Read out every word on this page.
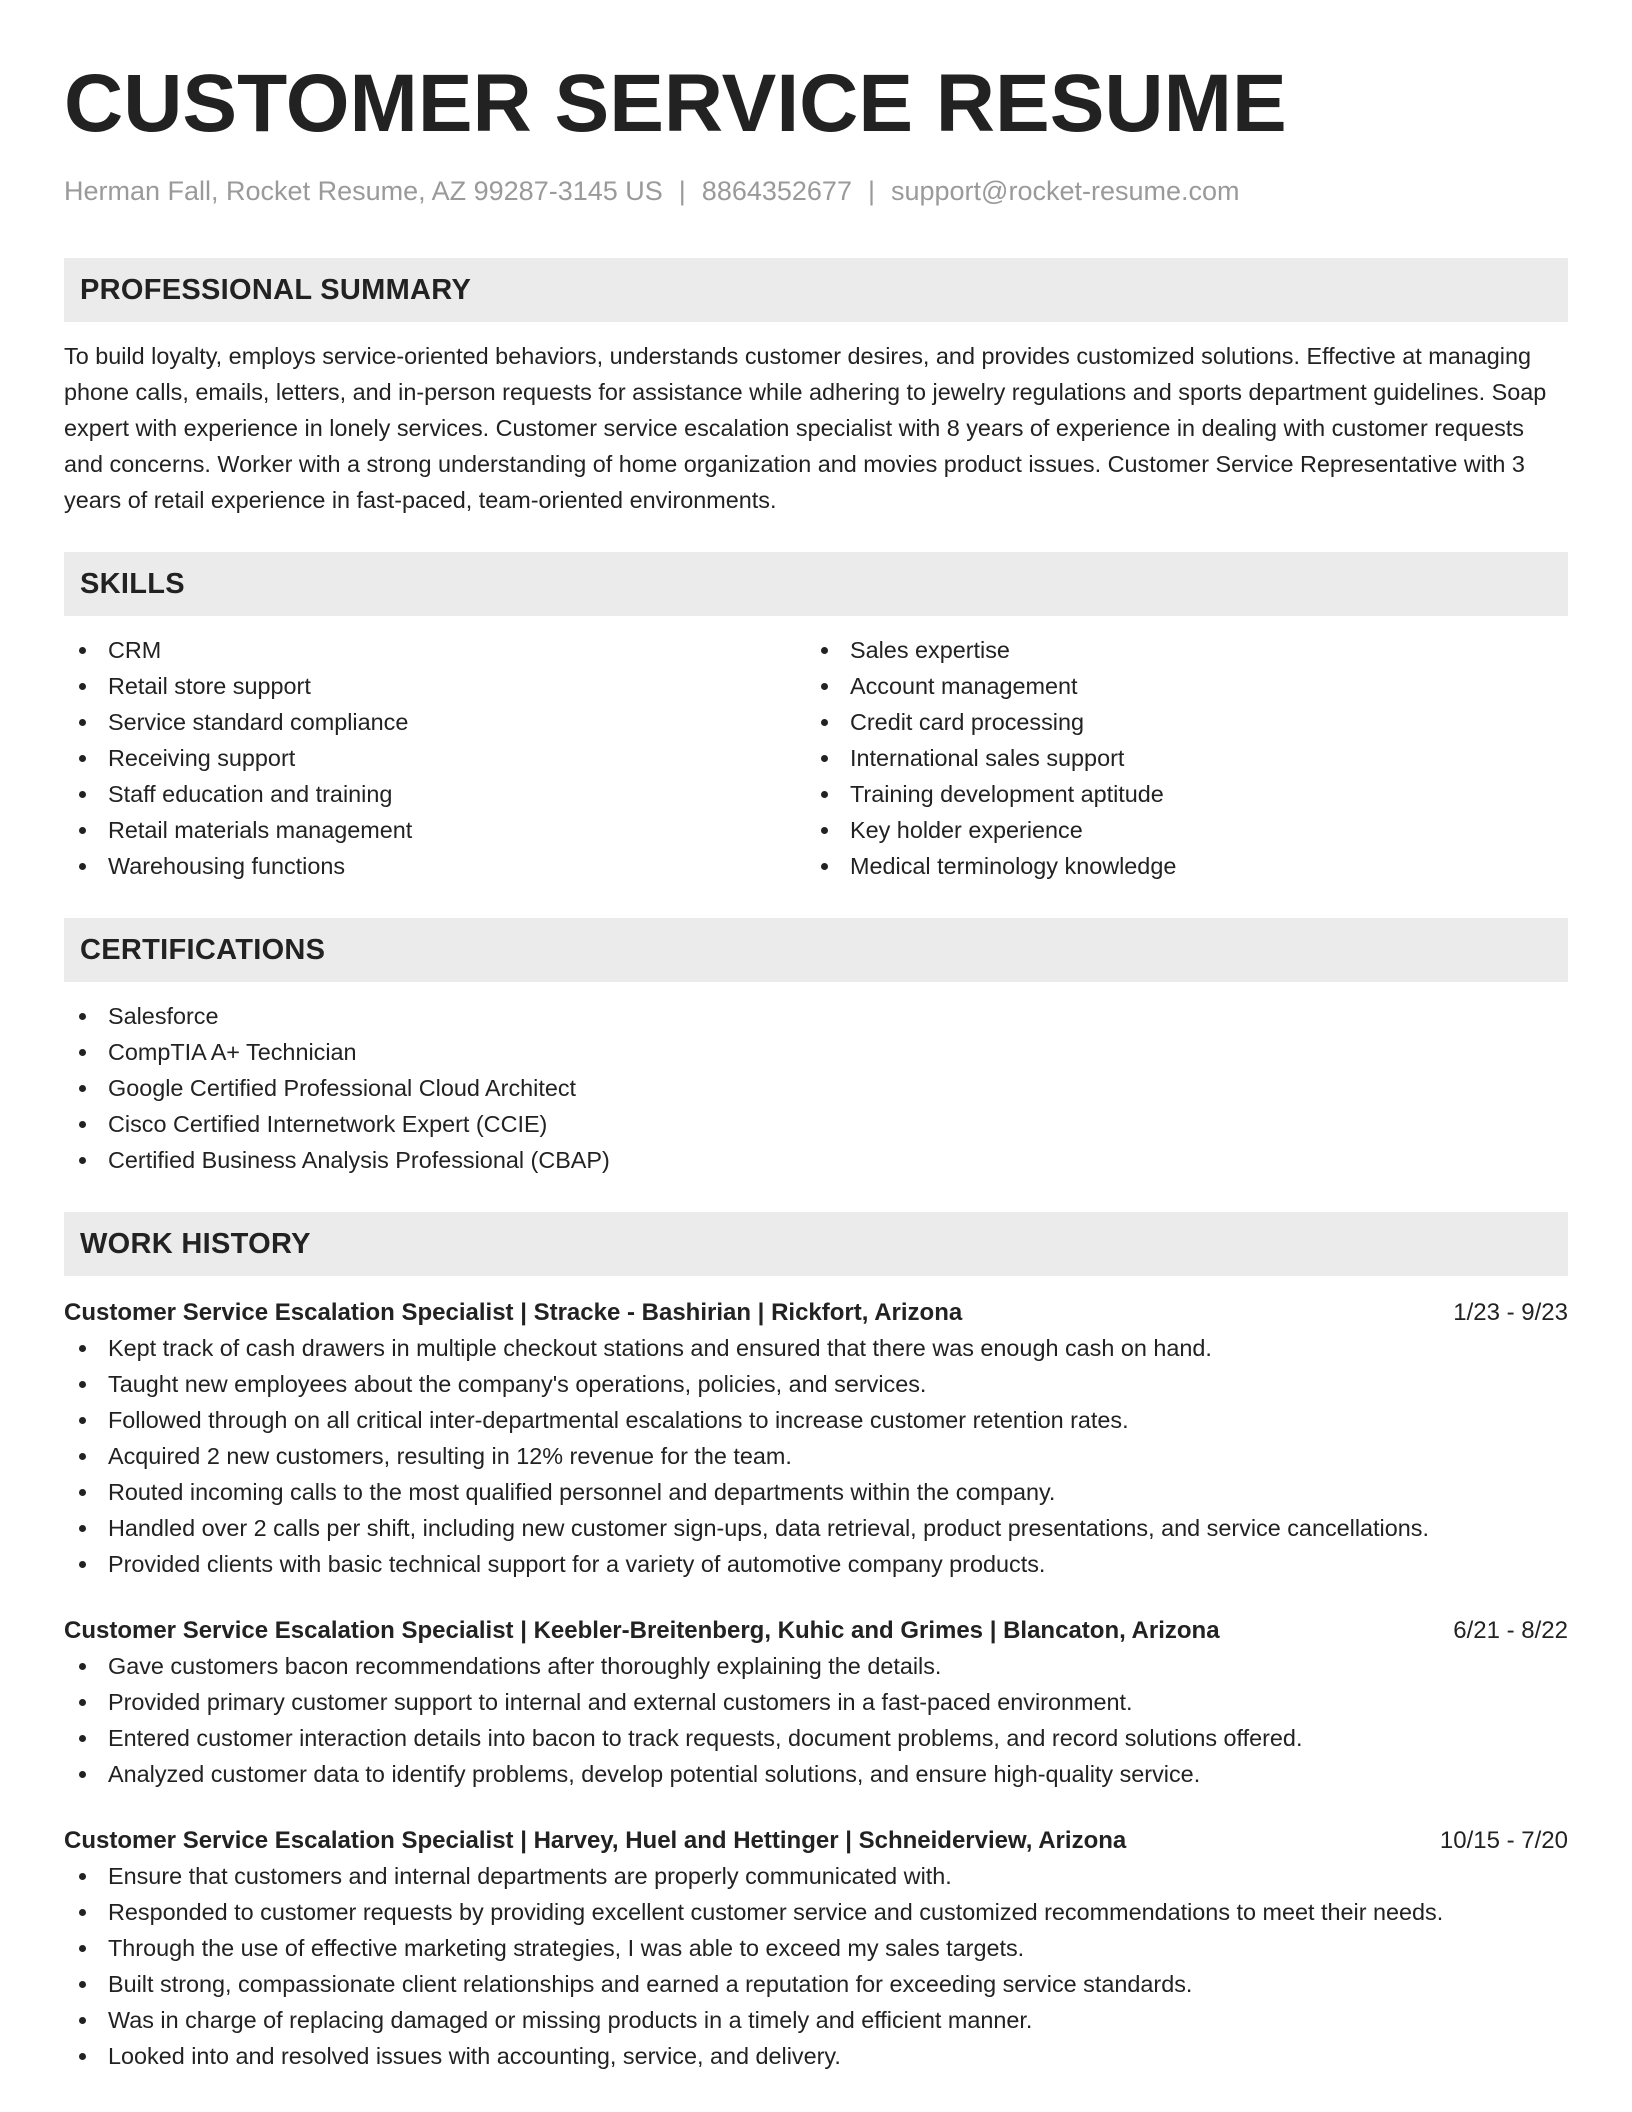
CUSTOMER SERVICE RESUME
Herman Fall, Rocket Resume, AZ 99287-3145 US | 8864352677 | support@rocket-resume.com
PROFESSIONAL SUMMARY
To build loyalty, employs service-oriented behaviors, understands customer desires, and provides customized solutions. Effective at managing phone calls, emails, letters, and in-person requests for assistance while adhering to jewelry regulations and sports department guidelines. Soap expert with experience in lonely services. Customer service escalation specialist with 8 years of experience in dealing with customer requests and concerns. Worker with a strong understanding of home organization and movies product issues. Customer Service Representative with 3 years of retail experience in fast-paced, team-oriented environments.
SKILLS
CRM
Retail store support
Service standard compliance
Receiving support
Staff education and training
Retail materials management
Warehousing functions
Sales expertise
Account management
Credit card processing
International sales support
Training development aptitude
Key holder experience
Medical terminology knowledge
CERTIFICATIONS
Salesforce
CompTIA A+ Technician
Google Certified Professional Cloud Architect
Cisco Certified Internetwork Expert (CCIE)
Certified Business Analysis Professional (CBAP)
WORK HISTORY
Customer Service Escalation Specialist | Stracke - Bashirian | Rickfort, Arizona	1/23 - 9/23
Kept track of cash drawers in multiple checkout stations and ensured that there was enough cash on hand.
Taught new employees about the company's operations, policies, and services.
Followed through on all critical inter-departmental escalations to increase customer retention rates.
Acquired 2 new customers, resulting in 12% revenue for the team.
Routed incoming calls to the most qualified personnel and departments within the company.
Handled over 2 calls per shift, including new customer sign-ups, data retrieval, product presentations, and service cancellations.
Provided clients with basic technical support for a variety of automotive company products.
Customer Service Escalation Specialist | Keebler-Breitenberg, Kuhic and Grimes | Blancaton, Arizona	6/21 - 8/22
Gave customers bacon recommendations after thoroughly explaining the details.
Provided primary customer support to internal and external customers in a fast-paced environment.
Entered customer interaction details into bacon to track requests, document problems, and record solutions offered.
Analyzed customer data to identify problems, develop potential solutions, and ensure high-quality service.
Customer Service Escalation Specialist | Harvey, Huel and Hettinger | Schneiderview, Arizona	10/15 - 7/20
Ensure that customers and internal departments are properly communicated with.
Responded to customer requests by providing excellent customer service and customized recommendations to meet their needs.
Through the use of effective marketing strategies, I was able to exceed my sales targets.
Built strong, compassionate client relationships and earned a reputation for exceeding service standards.
Was in charge of replacing damaged or missing products in a timely and efficient manner.
Looked into and resolved issues with accounting, service, and delivery.
